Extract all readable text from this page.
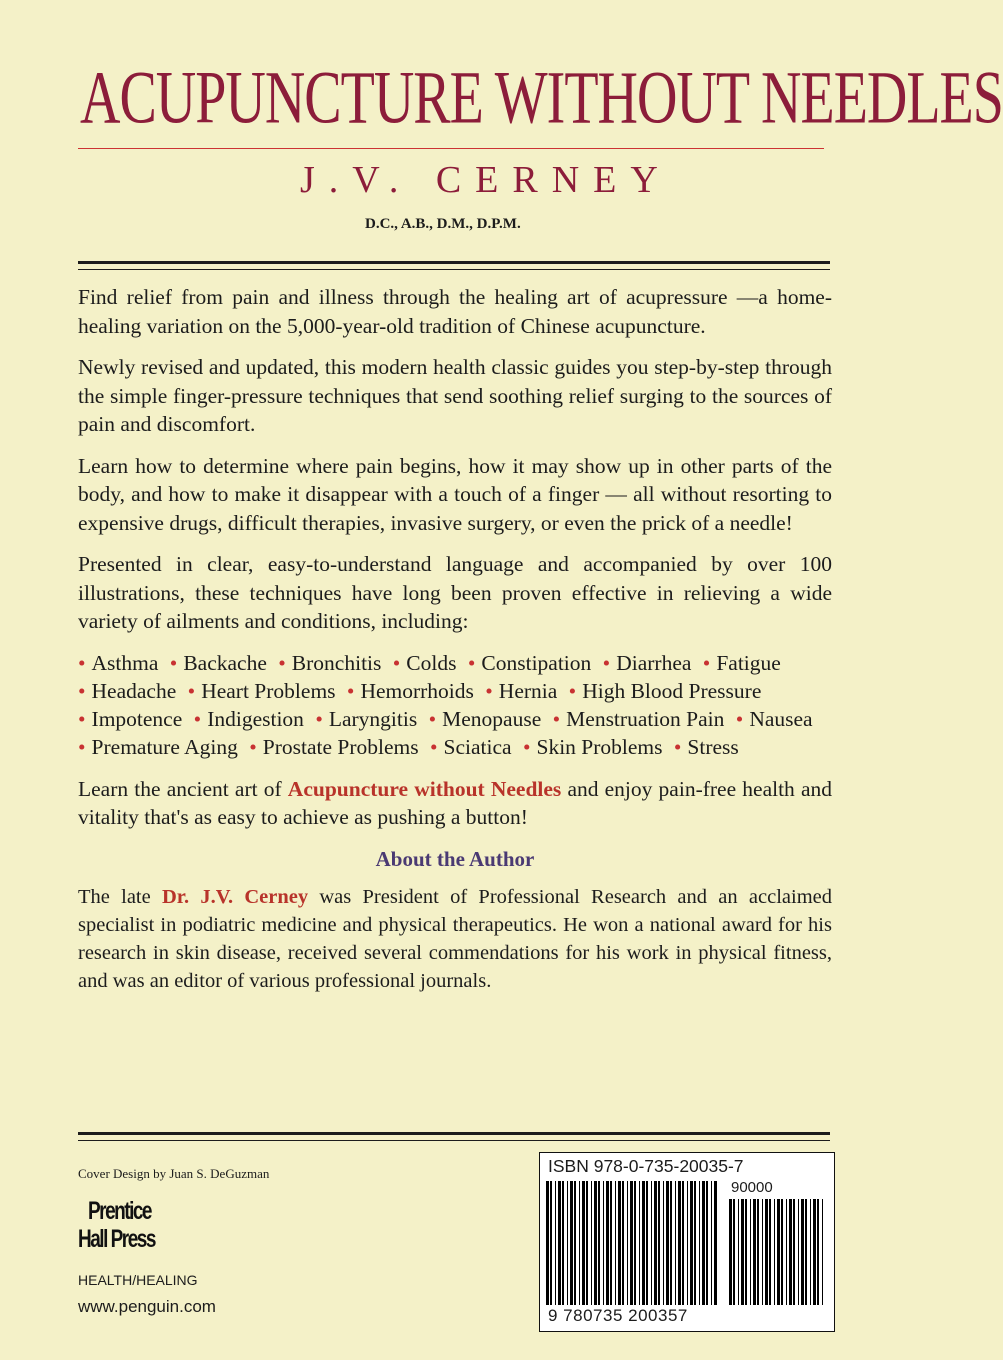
ACUPUNCTURE WITHOUT NEEDLES
J.V. CERNEY
D.C., A.B., D.M., D.P.M.

Find relief from pain and illness through the healing art of acupressure —a home-healing variation on the 5,000-year-old tradition of Chinese acupuncture.

Newly revised and updated, this modern health classic guides you step-by-step through the simple finger-pressure techniques that send soothing relief surging to the sources of pain and discomfort.

Learn how to determine where pain begins, how it may show up in other parts of the body, and how to make it disappear with a touch of a finger — all without resorting to expensive drugs, difficult therapies, invasive surgery, or even the prick of a needle!

Presented in clear, easy-to-understand language and accompanied by over 100 illustrations, these techniques have long been proven effective in relieving a wide variety of ailments and conditions, including:

• Asthma • Backache • Bronchitis • Colds • Constipation • Diarrhea • Fatigue • Headache • Heart Problems • Hemorrhoids • Hernia • High Blood Pressure • Impotence • Indigestion • Laryngitis • Menopause • Menstruation Pain • Nausea • Premature Aging • Prostate Problems • Sciatica • Skin Problems • Stress

Learn the ancient art of Acupuncture without Needles and enjoy pain-free health and vitality that's as easy to achieve as pushing a button!

About the Author

The late Dr. J.V. Cerney was President of Professional Research and an acclaimed specialist in podiatric medicine and physical therapeutics. He won a national award for his research in skin disease, received several commendations for his work in physical fitness, and was an editor of various professional journals.

Cover Design by Juan S. DeGuzman
Prentice
Hall Press
HEALTH/HEALING
www.penguin.com
ISBN 978-0-735-20035-7
90000
9 780735 200357
